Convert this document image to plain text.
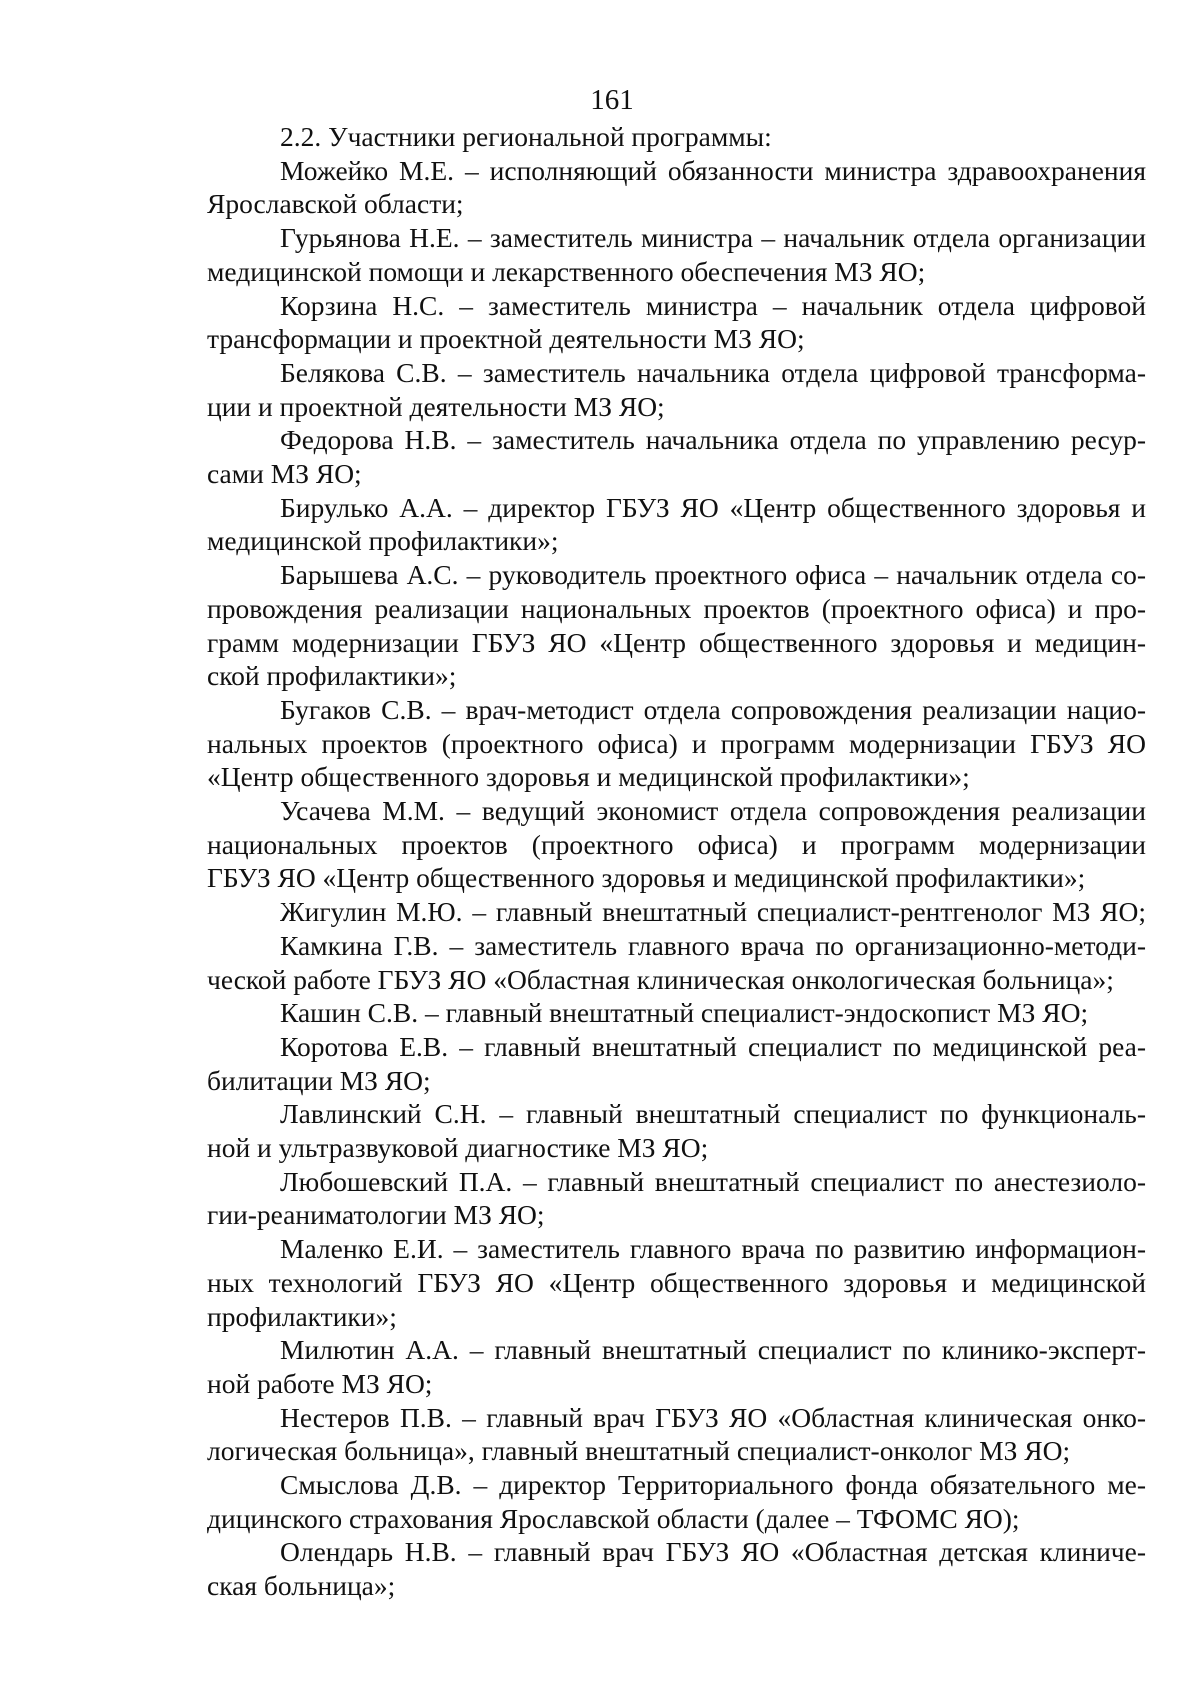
161
2.2. Участники региональной программы:
Можейко М.Е. – исполняющий обязанности министра здравоохранения
Ярославской области;
Гурьянова Н.Е. – заместитель министра – начальник отдела организации
медицинской помощи и лекарственного обеспечения МЗ ЯО;
Корзина Н.С. – заместитель министра – начальник отдела цифровой
трансформации и проектной деятельности МЗ ЯО;
Белякова С.В. – заместитель начальника отдела цифровой трансформа-
ции и проектной деятельности МЗ ЯО;
Федорова Н.В. – заместитель начальника отдела по управлению ресур-
сами МЗ ЯО;
Бирулько А.А. – директор ГБУЗ ЯО «Центр общественного здоровья и
медицинской профилактики»;
Барышева А.С. – руководитель проектного офиса – начальник отдела со-
провождения реализации национальных проектов (проектного офиса) и про-
грамм модернизации ГБУЗ ЯО «Центр общественного здоровья и медицин-
ской профилактики»;
Бугаков С.В. – врач-методист отдела сопровождения реализации нацио-
нальных проектов (проектного офиса) и программ модернизации ГБУЗ ЯО
«Центр общественного здоровья и медицинской профилактики»;
Усачева М.М. – ведущий экономист отдела сопровождения реализации
национальных проектов (проектного офиса) и программ модернизации
ГБУЗ ЯО «Центр общественного здоровья и медицинской профилактики»;
Жигулин М.Ю. – главный внештатный специалист-рентгенолог МЗ ЯО;
Камкина Г.В. – заместитель главного врача по организационно-методи-
ческой работе ГБУЗ ЯО «Областная клиническая онкологическая больница»;
Кашин С.В. – главный внештатный специалист-эндоскопист МЗ ЯО;
Коротова Е.В. – главный внештатный специалист по медицинской реа-
билитации МЗ ЯО;
Лавлинский С.Н. – главный внештатный специалист по функциональ-
ной и ультразвуковой диагностике МЗ ЯО;
Любошевский П.А. – главный внештатный специалист по анестезиоло-
гии-реаниматологии МЗ ЯО;
Маленко Е.И. – заместитель главного врача по развитию информацион-
ных технологий ГБУЗ ЯО «Центр общественного здоровья и медицинской
профилактики»;
Милютин А.А. – главный внештатный специалист по клинико-эксперт-
ной работе МЗ ЯО;
Нестеров П.В. – главный врач ГБУЗ ЯО «Областная клиническая онко-
логическая больница», главный внештатный специалист-онколог МЗ ЯО;
Смыслова Д.В. – директор Территориального фонда обязательного ме-
дицинского страхования Ярославской области (далее – ТФОМС ЯО);
Олендарь Н.В. – главный врач ГБУЗ ЯО «Областная детская клиниче-
ская больница»;
